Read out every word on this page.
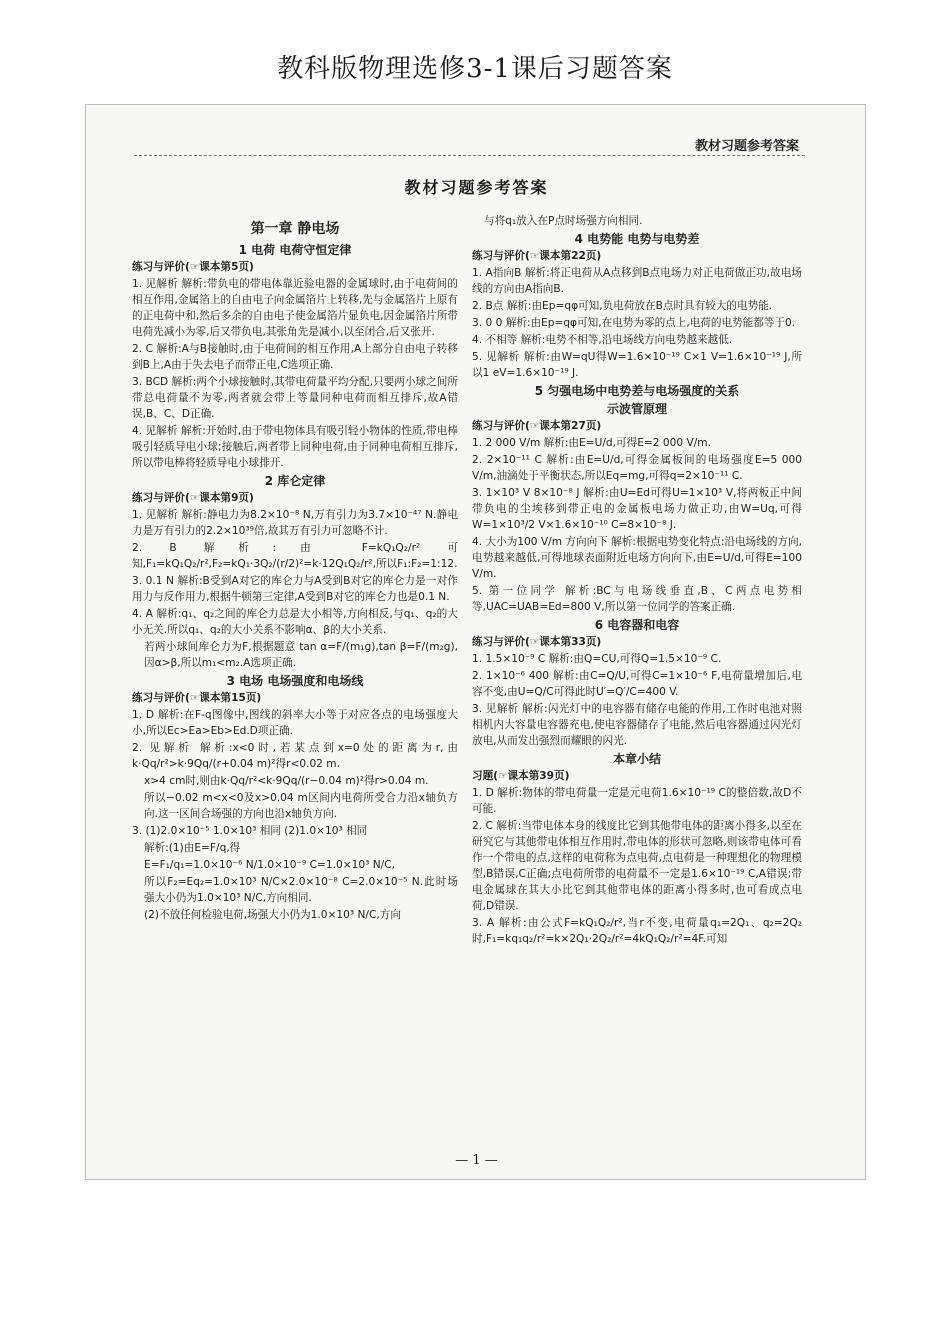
教科版物理选修3-1课后习题答案
教材习题参考答案
教材习题参考答案
第一章 静电场
1 电荷 电荷守恒定律
练习与评价(☞课本第5页)

1. 见解析 解析:带负电的带电体靠近验电器的金属球时,由于电荷间的相互作用,金属箔上的自由电子向金属箔片上转移,先与金属箔片上原有的正电荷中和,然后多余的自由电子使金属箔片显负电,因金属箔片所带电荷先减小为零,后又带负电,其张角先是减小,以至闭合,后又张开.

2. C 解析:A与B接触时,由于电荷间的相互作用,A上部分自由电子转移到B上,A由于失去电子而带正电,C选项正确.

3. BCD 解析:两个小球接触时,其带电荷量平均分配,只要两小球之间所带总电荷量不为零,两者就会带上等量同种电荷而相互排斥,故A错误,B、C、D正确.

4. 见解析 解析:开始时,由于带电物体具有吸引轻小物体的性质,带电棒吸引轻质导电小球;接触后,两者带上同种电荷,由于同种电荷相互排斥,所以带电棒将轻质导电小球排开.

2 库仑定律
练习与评价(☞课本第9页)

1. 见解析 解析:静电力为8.2×10⁻⁸ N,万有引力为3.7×10⁻⁴⁷ N.静电力是万有引力的2.2×10³⁹倍,故其万有引力可忽略不计.

2. B 解析:由 F=kQ₁Q₂/r² 可知,F₁=kQ₁Q₂/r²,F₂=kQ₁·3Q₂/(r/2)²=k·12Q₁Q₂/r²,所以F₁:F₂=1:12.

3. 0.1 N 解析:B受到A对它的库仑力与A受到B对它的库仑力是一对作用力与反作用力,根据牛顿第三定律,A受到B对它的库仑力也是0.1 N.

4. A 解析:q₁、q₂之间的库仑力总是大小相等,方向相反,与q₁、q₂的大小无关.所以q₁、q₂的大小关系不影响α、β的大小关系.

若两小球间库仑力为F,根据题意 tan α=F/(m₁g),tan β=F/(m₂g),因α>β,所以m₁<m₂.A选项正确.

3 电场 电场强度和电场线
练习与评价(☞课本第15页)

1. D 解析:在F-q图像中,图线的斜率大小等于对应各点的电场强度大小,所以Ec>Ea>Eb>Ed.D项正确.

2. 见解析 解析:x<0时,若某点到x=0处的距离为r,由k·Qq/r²>k·9Qq/(r+0.04 m)²得r<0.02 m.

x>4 cm时,则由k·Qq/r²<k·9Qq/(r−0.04 m)²得r>0.04 m.

所以−0.02 m<x<0及x>0.04 m区间内电荷所受合力沿x轴负方向.这一区间合场强的方向也沿x轴负方向.

3. (1)2.0×10⁻⁵ 1.0×10³ 相同 (2)1.0×10³ 相同

解析:(1)由E=F/q,得

E=F₁/q₁=1.0×10⁻⁶ N/1.0×10⁻⁹ C=1.0×10³ N/C,

所以F₂=Eq₂=1.0×10³ N/C×2.0×10⁻⁸ C=2.0×10⁻⁵ N.此时场强大小仍为1.0×10³ N/C,方向相同.

(2)不放任何检验电荷,场强大小仍为1.0×10³ N/C,方向

与将q₁放入在P点时场强方向相同.

4 电势能 电势与电势差
练习与评价(☞课本第22页)

1. A指向B 解析:将正电荷从A点移到B点电场力对正电荷做正功,故电场线的方向由A指向B.

2. B点 解析:由Ep=qφ可知,负电荷放在B点时具有较大的电势能.

3. 0 0 解析:由Ep=qφ可知,在电势为零的点上,电荷的电势能都等于0.

4. 不相等 解析:电势不相等,沿电场线方向电势越来越低.

5. 见解析 解析:由W=qU得W=1.6×10⁻¹⁹ C×1 V=1.6×10⁻¹⁹ J,所以1 eV=1.6×10⁻¹⁹ J.

5 匀强电场中电势差与电场强度的关系
示波管原理
练习与评价(☞课本第27页)

1. 2 000 V/m 解析:由E=U/d,可得E=2 000 V/m.

2. 2×10⁻¹¹ C 解析:由E=U/d,可得金属板间的电场强度E=5 000 V/m,油滴处于平衡状态,所以Eq=mg,可得q=2×10⁻¹¹ C.

3. 1×10³ V 8×10⁻⁸ J 解析:由U=Ed可得U=1×10³ V,将两板正中间带负电的尘埃移到带正电的金属板电场力做正功,由W=Uq,可得W=1×10³/2 V×1.6×10⁻¹⁰ C=8×10⁻⁸ J.

4. 大小为100 V/m 方向向下 解析:根据电势变化特点:沿电场线的方向,电势越来越低,可得地球表面附近电场方向向下,由E=U/d,可得E=100 V/m.

5. 第一位同学 解析:BC与电场线垂直,B、C两点电势相等,UAC=UAB=Ed=800 V,所以第一位同学的答案正确.

6 电容器和电容
练习与评价(☞课本第33页)

1. 1.5×10⁻⁹ C 解析:由Q=CU,可得Q=1.5×10⁻⁹ C.

2. 1×10⁻⁶ 400 解析:由C=Q/U,可得C=1×10⁻⁶ F,电荷量增加后,电容不变,由U=Q/C可得此时U′=Q′/C=400 V.

3. 见解析 解析:闪光灯中的电容器有储存电能的作用,工作时电池对照相机内大容量电容器充电,使电容器储存了电能,然后电容器通过闪光灯放电,从而发出强烈而耀眼的闪光.

本章小结
习题(☞课本第39页)

1. D 解析:物体的带电荷量一定是元电荷1.6×10⁻¹⁹ C的整倍数,故D不可能.

2. C 解析:当带电体本身的线度比它到其他带电体的距离小得多,以至在研究它与其他带电体相互作用时,带电体的形状可忽略,则该带电体可看作一个带电的点,这样的电荷称为点电荷,点电荷是一种理想化的物理模型,B错误,C正确;点电荷所带的电荷量不一定是1.6×10⁻¹⁹ C,A错误;带电金属球在其大小比它到其他带电体的距离小得多时,也可看成点电荷,D错误.

3. A 解析:由公式F=kQ₁Q₂/r²,当r不变,电荷量q₁=2Q₁、q₂=2Q₂时,F₁=kq₁q₂/r²=k×2Q₁·2Q₂/r²=4kQ₁Q₂/r²=4F.可知

— 1 —
